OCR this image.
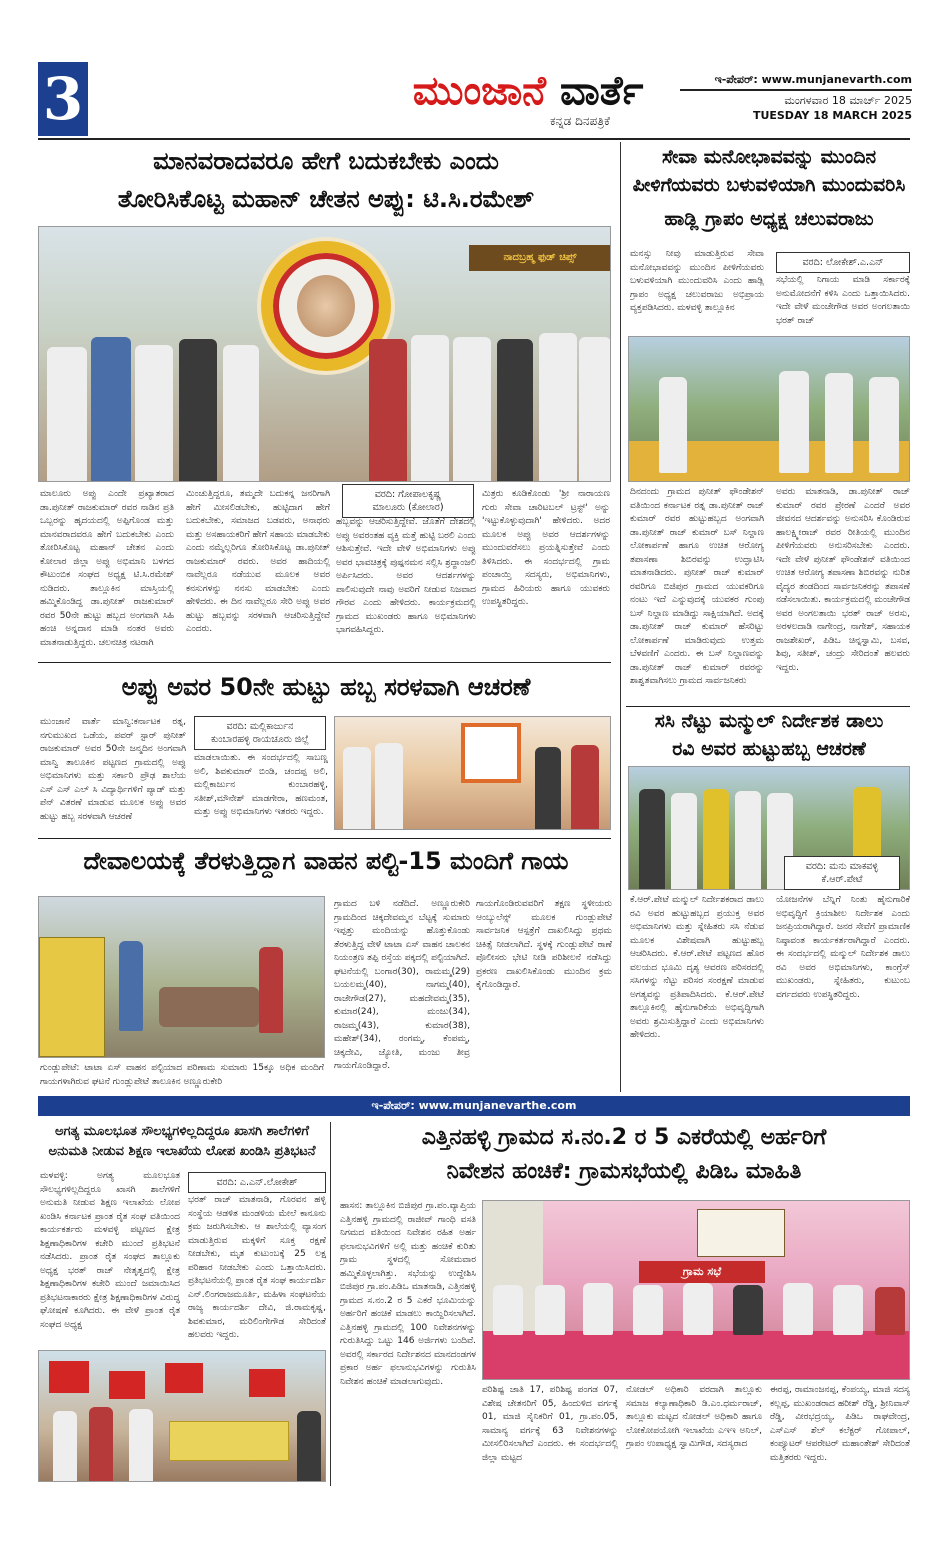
3	ಮುಂಜಾನೆ ವಾರ್ತೆ
ಕನ್ನಡ ದಿನಪತ್ರಿಕೆ
ಇ-ಪೇಪರ್: www.munjanevarth.com
ಮಂಗಳವಾರ 18 ಮಾರ್ಚ್ 2025
TUESDAY 18 MARCH 2025
ಮಾನವರಾದವರೂ ಹೇಗೆ ಬದುಕಬೇಕು ಎಂದು
ತೋರಿಸಿಕೊಟ್ಟ ಮಹಾನ್ ಚೇತನ ಅಪ್ಪು: ಟಿ.ಸಿ.ರಮೇಶ್
ನಾದಬ್ರಹ್ಮ ಫುಡ್ ಚಿಪ್ಸ್
ವರದಿ: ಗೋಪಾಲಕೃಷ್ಣ
ಮಾಲೂರು (ಕೋಲಾರ)
ಮಾಲೂರು ಅಪ್ಪು ಎಂದೇ ಪ್ರಖ್ಯಾತರಾದ ಡಾ.ಪುನೀತ್ ರಾಜಕುಮಾರ್ ರವರ ನಾಡಿನ ಪ್ರತಿ ಒಬ್ಬರನ್ನು ಹೃದಯದಲ್ಲಿ ಅಪ್ಪಿಗೊಂಡ ಮತ್ತು ಮಾನವರಾದವರೂ ಹೇಗೆ ಬದುಕಬೇಕು ಎಂದು ತೋರಿಸಿಕೊಟ್ಟ ಮಹಾನ್ ಚೇತನ ಎಂದು ಕೋಲಾರ ಜಿಲ್ಲಾ ಅಪ್ಪು ಅಭಿಮಾನಿ ಬಳಗದ ಕೌಟುಂಬಿಕ ಸಂಘದ ಅಧ್ಯಕ್ಷ ಟಿ.ಸಿ.ರಮೇಶ್ ನುಡಿದರು. ತಾಲ್ಲೂಕಿನ ಮಾಸ್ತಿಯಲ್ಲಿ ಹಮ್ಮಿಕೊಂಡಿದ್ದ ಡಾ.ಪುನೀತ್ ರಾಜಕುಮಾರ್ ರವರ 50ನೇ ಹುಟ್ಟು ಹಬ್ಬದ ಅಂಗವಾಗಿ ಸಿಹಿ ಹಂಚಿ ಅನ್ನದಾನ ಮಾಡಿ ನಂತರ ಅವರು ಮಾತನಾಡುತ್ತಿದ್ದರು. ಚಲನಚಿತ್ರ ನಟರಾಗಿ
ಮಿಂಚುತ್ತಿದ್ದರೂ, ತಮ್ಮದೇ ಬದುಕನ್ನ ಜನರಿಗಾಗಿ ಹೇಗೆ ಮೀಸಲಿಡಬೇಕು, ಹುಟ್ಟಿದಾಗ ಹೇಗೆ ಬದುಕಬೇಕು, ಸಮಾಜದ ಬಡವರು, ಅನಾಥರು ಮತ್ತು ಅಸಹಾಯಕರಿಗೆ ಹೇಗೆ ಸಹಾಯ ಮಾಡಬೇಕು ಎಂದು ನಮ್ಮೆಲ್ಲರಿಗೂ ತೋರಿಸಿಕೊಟ್ಟ ಡಾ.ಪುನೀತ್ ರಾಜಕುಮಾರ್ ರವರು. ಅವರ ಹಾದಿಯಲ್ಲಿ ನಾವೆಲ್ಲರೂ ನಡೆಯುವ ಮೂಲಕ ಅವರ ಕನಸುಗಳನ್ನು ನನಸು ಮಾಡಬೇಕು ಎಂದು ಹೇಳಿದರು. ಈ ದಿನ ನಾವೆಲ್ಲರೂ ಸೇರಿ ಅಪ್ಪು ಅವರ ಹುಟ್ಟು ಹಬ್ಬವನ್ನು ಸರಳವಾಗಿ ಆಚರಿಸುತ್ತಿದ್ದೇವೆ ಎಂದರು.
ಹಬ್ಬವನ್ನು ಆಚರಿಸುತ್ತಿದ್ದೇವೆ. ಜೊತೆಗೆ ದೇಶದಲ್ಲಿ ಅಪ್ಪು ಅವರಂತಹ ವ್ಯಕ್ತಿ ಮತ್ತೆ ಹುಟ್ಟಿ ಬರಲಿ ಎಂದು ಆಶಿಸುತ್ತೇವೆ. ಇದೇ ವೇಳೆ ಅಭಿಮಾನಿಗಳು ಅಪ್ಪು ಅವರ ಭಾವಚಿತ್ರಕ್ಕೆ ಪುಷ್ಪನಮನ ಸಲ್ಲಿಸಿ ಶ್ರದ್ಧಾಂಜಲಿ ಅರ್ಪಿಸಿದರು. ಅವರ ಆದರ್ಶಗಳನ್ನು ಪಾಲಿಸುವುದೇ ನಾವು ಅವರಿಗೆ ನೀಡುವ ನಿಜವಾದ ಗೌರವ ಎಂದು ಹೇಳಿದರು. ಕಾರ್ಯಕ್ರಮದಲ್ಲಿ ಗ್ರಾಮದ ಮುಖಂಡರು ಹಾಗೂ ಅಭಿಮಾನಿಗಳು ಭಾಗವಹಿಸಿದ್ದರು.
ಮಿತ್ರರು ಕೂಡಿಕೊಂಡು 'ಶ್ರೀ ನಾರಾಯಣ ಗುರು ಸೇವಾ ಚಾರಿಟಬಲ್ ಟ್ರಸ್ಟ್' ಅನ್ನು 'ಇಟ್ಟುಕೊಳ್ಳುವುದಾಗಿ' ಹೇಳಿದರು. ಅದರ ಮೂಲಕ ಅಪ್ಪು ಅವರ ಆದರ್ಶಗಳನ್ನು ಮುಂದುವರೆಸಲು ಪ್ರಯತ್ನಿಸುತ್ತೇವೆ ಎಂದು ತಿಳಿಸಿದರು. ಈ ಸಂದರ್ಭದಲ್ಲಿ ಗ್ರಾಮ ಪಂಚಾಯ್ತಿ ಸದಸ್ಯರು, ಅಭಿಮಾನಿಗಳು, ಗ್ರಾಮದ ಹಿರಿಯರು ಹಾಗೂ ಯುವಕರು ಉಪಸ್ಥಿತರಿದ್ದರು.
ಅಪ್ಪು ಅವರ 50ನೇ ಹುಟ್ಟು ಹಬ್ಬ ಸರಳವಾಗಿ ಆಚರಣೆ
ಮುಂಜಾನೆ ವಾರ್ತೆ ಮಾನ್ವಿ:ಕರ್ನಾಟಕ ರತ್ನ, ನಗುಮುಖದ ಒಡೆಯ, ಪವರ್ ಸ್ಟಾರ್ ಪುನೀತ್ ರಾಜಕುಮಾರ್ ಅವರ 50ನೇ ಜನ್ಮದಿನ ಅಂಗವಾಗಿ ಮಾನ್ವಿ ತಾಲೂಕಿನ ಪಟ್ಟಣದ ಗ್ರಾಮದಲ್ಲಿ ಅಪ್ಪು ಅಭಿಮಾನಿಗಳು ಮತ್ತು ಸರ್ಕಾರಿ ಪ್ರೌಢ ಶಾಲೆಯ ಎಸ್ ಎಸ್ ಎಲ್ ಸಿ ವಿದ್ಯಾರ್ಥಿಗಳಿಗೆ ಪ್ಯಾಡ್ ಮತ್ತು ಪೆನ್ ವಿತರಣೆ ಮಾಡುವ ಮೂಲಕ ಅಪ್ಪು ಅವರ ಹುಟ್ಟು ಹಬ್ಬ ಸರಳವಾಗಿ ಆಚರಣೆ
ವರದಿ: ಮಲ್ಲಿಕಾರ್ಜುನ
ಕುಂಬಾರಹಳ್ಳಿ ರಾಯಚೂರು ಜಿಲ್ಲೆ
ಮಾಡಲಾಯಿತು. ಈ ಸಂದರ್ಭದಲ್ಲಿ ಸಾಬಣ್ಣ ಅಲಿ, ಶಿವಕುಮಾರ್ ಬಿಂಡಿ, ಚಂದಪ್ಪ ಅಲಿ, ಮಲ್ಲಿಕಾರ್ಜುನ ಕುಂಬಾರಹಳ್ಳಿ, ಸತೀಶ್,ಮೌನೇಶ್ ಮಾಡಗೇರಾ, ಹಣಮಂತ, ಮತ್ತು ಅಪ್ಪು ಅಭಿಮಾನಿಗಳು ಇತರರು ಇದ್ದರು.
ದೇವಾಲಯಕ್ಕೆ ತೆರಳುತ್ತಿದ್ದಾಗ ವಾಹನ ಪಲ್ಟಿ-15 ಮಂದಿಗೆ ಗಾಯ
ಗುಂಡ್ಲುಪೇಟೆ: ಟಾಟಾ ಏಸ್ ವಾಹನ ಪಲ್ಟಿಯಾದ ಪರಿಣಾಮ ಸುಮಾರು 15ಕ್ಕೂ ಅಧಿಕ ಮಂದಿಗೆ ಗಾಯಗಳಾಗಿರುವ ಘಟನೆ ಗುಂಡ್ಲುಪೇಟೆ ತಾಲೂಕಿನ ಅಣ್ಣೂರುಕೇರಿ
ಗ್ರಾಮದ ಬಳಿ ನಡೆದಿದೆ. ಅಣ್ಣೂರುಕೇರಿ ಗ್ರಾಮದಿಂದ ಚಿಕ್ಕದೇವಮ್ಮನ ಬೆಟ್ಟಕ್ಕೆ ಸುಮಾರು ಇಪ್ಪತ್ತು ಮಂದಿಯನ್ನು ಹೊತ್ತುಕೊಂಡು ತೆರಳುತ್ತಿದ್ದ ವೇಳೆ ಟಾಟಾ ಏಸ್ ವಾಹನ ಚಾಲಕನ ನಿಯಂತ್ರಣ ತಪ್ಪಿ ರಸ್ತೆಯ ಪಕ್ಕದಲ್ಲಿ ಪಲ್ಟಿಯಾಗಿದೆ. ಘಟನೆಯಲ್ಲಿ ಬಂಗಾರ(30), ರಾಮಮ್ಮ(29) ಬಯಲಮ್ಮ(40), ನಾಗಮ್ಮ(40), ರಾಜೇಗೌಡ(27), ಮಹದೇವಮ್ಮ(35), ಕುಮಾರ(24), ಮಂಜು(34), ರಾಜಮ್ಮ(43), ಕುಮಾರ(38), ಮಹೇಶ್(34), ರಂಗಮ್ಮ, ಕೆಂಪಮ್ಮ, ಚಿಕ್ಕದೇವಿ, ಜ್ಯೋತಿ, ಮಂಜು ತೀವ್ರ ಗಾಯಗೊಂಡಿದ್ದಾರೆ.
ಗಾಯಗೊಂಡಿರುವವರಿಗೆ ತಕ್ಷಣ ಸ್ಥಳೀಯರು ಆಂಬ್ಯುಲೆನ್ಸ್ ಮೂಲಕ ಗುಂಡ್ಲುಪೇಟೆ ಸಾರ್ವಜನಿಕ ಆಸ್ಪತ್ರೆಗೆ ದಾಖಲಿಸಿದ್ದು ಪ್ರಥಮ ಚಿಕಿತ್ಸೆ ನೀಡಲಾಗಿದೆ. ಸ್ಥಳಕ್ಕೆ ಗುಂಡ್ಲುಪೇಟೆ ಠಾಣೆ ಪೊಲೀಸರು ಭೇಟಿ ನೀಡಿ ಪರಿಶೀಲನೆ ನಡೆಸಿದ್ದು ಪ್ರಕರಣ ದಾಖಲಿಸಿಕೊಂಡು ಮುಂದಿನ ಕ್ರಮ ಕೈಗೊಂಡಿದ್ದಾರೆ.
ಸೇವಾ ಮನೋಭಾವವನ್ನು ಮುಂದಿನ
ಪೀಳಿಗೆಯವರು ಬಳುವಳಿಯಾಗಿ ಮುಂದುವರಿಸಿ
ಹಾಡ್ಲಿ ಗ್ರಾಪಂ ಅಧ್ಯಕ್ಷ ಚಲುವರಾಜು
ಮನಸ್ಸು ನೀವು ಮಾಡುತ್ತಿರುವ ಸೇವಾ ಮನೋಭಾವವನ್ನು ಮುಂದಿನ ಪೀಳಿಗೆಯವರು ಬಳುವಳಿಯಾಗಿ ಮುಂದುವರಿಸಿ ಎಂದು ಹಾಡ್ಲಿ ಗ್ರಾಪಂ ಅಧ್ಯಕ್ಷ ಚಲುವರಾಜು ಅಭಿಪ್ರಾಯ ವ್ಯಕ್ತಪಡಿಸಿದರು. ಮಳವಳ್ಳಿ ತಾಲ್ಲೂಕಿನ
ವರದಿ: ಲೋಕೇಶ್.ಎ.ಎನ್
ಸಭೆಯಲ್ಲಿ ನಿಗಾಯ ಮಾಡಿ ಸರ್ಕಾರಕ್ಕೆ ಅನುಮೋದನೆಗೆ ಕಳಿಸಿ ಎಂದು ಒತ್ತಾಯಿಸಿದರು. ಇದೇ ವೇಳೆ ಮಂಚೇಗೌಡ ಅವರ ಅಂಗಲತಾಯಿ ಭರತ್ ರಾಜ್
ದಿನದಂದು ಗ್ರಾಮದ ಪುನೀತ್ ಫೌಂಡೇಶನ್ ವತಿಯಿಂದ ಕರ್ನಾಟಕ ರತ್ನ ಡಾ.ಪುನೀತ್ ರಾಜ್ ಕುಮಾರ್ ರವರ ಹುಟ್ಟುಹಬ್ಬದ ಅಂಗವಾಗಿ ಡಾ.ಪುನೀತ್ ರಾಜ್ ಕುಮಾರ್ ಬಸ್ ನಿಲ್ದಾಣ ಲೋಕಾರ್ಪಣೆ ಹಾಗೂ ಉಚಿತ ಆರೋಗ್ಯ ತಪಾಸಣಾ ಶಿಬಿರವನ್ನು ಉದ್ಘಾಟಿಸಿ ಮಾತನಾಡಿದರು. ಪುನೀತ್ ರಾಜ್ ಕುಮಾರ್ ರವರಿಗೂ ಬಿಜಿಪುರ ಗ್ರಾಮದ ಯುವಕರಿಗೂ ನಂಟು ಇದೆ ಎನ್ನುವುದಕ್ಕೆ ಯುವಕರ ಗುಂಪು ಬಸ್ ನಿಲ್ದಾಣ ಮಾಡಿದ್ದು ಸಾಕ್ಷಿಯಾಗಿದೆ. ಅದಕ್ಕೆ ಡಾ.ಪುನೀತ್ ರಾಜ್ ಕುಮಾರ್ ಹೆಸರಿಟ್ಟು ಲೋಕಾರ್ಪಣೆ ಮಾಡಿರುವುದು ಉತ್ತಮ ಬೆಳವಣಿಗೆ ಎಂದರು. ಈ ಬಸ್ ನಿಲ್ದಾಣವನ್ನು ಡಾ.ಪುನೀತ್ ರಾಜ್ ಕುಮಾರ್ ರವರನ್ನು ಶಾಶ್ವತವಾಗಿಸಲು ಗ್ರಾಮದ ಸಾರ್ವಜನಿಕರು
ಅವರು ಮಾತನಾಡಿ, ಡಾ.ಪುನೀತ್ ರಾಜ್ ಕುಮಾರ್ ರವರ ಪ್ರೇರಣೆ ಎಂದರೆ ಅವರ ಜೀವನದ ಆದರ್ಶವನ್ನು ಅನುಸರಿಸಿ ಕೊಂಡಿರುವ ಹಾಲಕ್ಷ್ಮೀರಾಜ್ ರವರ ರೀತಿಯಲ್ಲಿ ಮುಂದಿನ ಪೀಳಿಗೆಯವರು ಅನುಸರಿಸಬೇಕು ಎಂದರು. ಇದೇ ವೇಳೆ ಪುನೀತ್ ಫೌಂಡೇಶನ್ ವತಿಯಿಂದ ಉಚಿತ ಆರೋಗ್ಯ ತಪಾಸಣಾ ಶಿಬಿರವನ್ನು ನುರಿತ ವೈದ್ಯರ ತಂಡದಿಂದ ಸಾರ್ವಜನಿಕರನ್ನು ತಪಾಸಣೆ ನಡೆಸಲಾಯಿತು. ಕಾರ್ಯಕ್ರಮದಲ್ಲಿ ಮಂಚೇಗೌಡ ಅವರ ಅಂಗಲತಾಯಿ ಭರತ್ ರಾಜ್ ಅರಸು, ಅರಳಲದಾಡಿ ನಾಗೇಂದ್ರ, ನಾಗೇಶ್, ಸಹಾಯಕ ರಾಜಶೇಖರ್, ಪಿಡಿಒ ಚಿನ್ನಸ್ವಾಮಿ, ಬಸವ, ಶಿವು, ಸತೀಶ್, ಚಂದ್ರು ಸೇರಿದಂತೆ ಹಲವರು ಇದ್ದರು.
ಸಸಿ ನೆಟ್ಟು ಮನ್ಮುಲ್ ನಿರ್ದೇಶಕ ಡಾಲು
ರವಿ ಅವರ ಹುಟ್ಟುಹಬ್ಬ ಆಚರಣೆ
ವರದಿ: ಮನು ಮಾಕವಳ್ಳಿ
ಕೆ.ಆರ್.ಪೇಟೆ
ಕೆ.ಆರ್.ಪೇಟೆ ಮನ್ಮುಲ್ ನಿರ್ದೇಶಕರಾದ ಡಾಲು ರವಿ ಅವರ ಹುಟ್ಟುಹಬ್ಬದ ಪ್ರಯುಕ್ತ ಅವರ ಅಭಿಮಾನಿಗಳು ಮತ್ತು ಸ್ನೇಹಿತರು ಸಸಿ ನೆಡುವ ಮೂಲಕ ವಿಶೇಷವಾಗಿ ಹುಟ್ಟುಹಬ್ಬ ಆಚರಿಸಿದರು. ಕೆ.ಆರ್.ಪೇಟೆ ಪಟ್ಟಣದ ಹೊರ ವಲಯದ ಭೂಮಿ ದೃಶ್ಯ ಆವರಣ ಪರಿಸರದಲ್ಲಿ ಸಸಿಗಳನ್ನು ನೆಟ್ಟು ಪರಿಸರ ಸಂರಕ್ಷಣೆ ಮಾಡುವ ಅಗತ್ಯವನ್ನು ಪ್ರತಿಪಾದಿಸಿದರು. ಕೆ.ಆರ್.ಪೇಟೆ ತಾಲ್ಲೂಕಿನಲ್ಲಿ ಹೈನುಗಾರಿಕೆಯ ಅಭಿವೃದ್ಧಿಗಾಗಿ ಅವರು ಶ್ರಮಿಸುತ್ತಿದ್ದಾರೆ ಎಂದು ಅಭಿಮಾನಿಗಳು ಹೇಳಿದರು.
ಯೋಜನೆಗಳ ಬೆನ್ನಿಗೆ ನಿಂತು ಹೈನುಗಾರಿಕೆ ಅಭಿವೃದ್ಧಿಗೆ ಕ್ರಿಯಾಶೀಲ ನಿರ್ದೇಶಕ ಎಂದು ಜನಪ್ರಿಯರಾಗಿದ್ದಾರೆ. ಜನರ ಸೇವೆಗೆ ಪ್ರಾಮಾಣಿಕ ನಿಷ್ಠಾವಂತ ಕಾರ್ಯಕರ್ತರಾಗಿದ್ದಾರೆ ಎಂದರು. ಈ ಸಂದರ್ಭದಲ್ಲಿ ಮನ್ಮುಲ್ ನಿರ್ದೇಶಕ ಡಾಲು ರವಿ ಅವರ ಅಭಿಮಾನಿಗಳು, ಕಾಂಗ್ರೆಸ್ ಮುಖಂಡರು, ಸ್ನೇಹಿತರು, ಕುಟುಂಬ ವರ್ಗದವರು ಉಪಸ್ಥಿತರಿದ್ದರು.
ಇ-ಪೇಪರ್: www.munjanevarthe.com
ಅಗತ್ಯ ಮೂಲಭೂತ ಸೌಲಭ್ಯಗಳಿಲ್ಲದಿದ್ದರೂ ಖಾಸಗಿ ಶಾಲೆಗಳಿಗೆ
ಅನುಮತಿ ನೀಡುವ ಶಿಕ್ಷಣ ಇಲಾಖೆಯ ಲೋಪ ಖಂಡಿಸಿ ಪ್ರತಿಭಟನೆ
ಮಳವಳ್ಳಿ: ಅಗತ್ಯ ಮೂಲಭೂತ ಸೌಲಭ್ಯಗಳಿಲ್ಲದಿದ್ದರೂ ಖಾಸಗಿ ಶಾಲೆಗಳಿಗೆ ಅನುಮತಿ ನೀಡುವ ಶಿಕ್ಷಣ ಇಲಾಖೆಯ ಲೋಪ ಖಂಡಿಸಿ ಕರ್ನಾಟಕ ಪ್ರಾಂತ ರೈತ ಸಂಘ ವತಿಯಿಂದ ಕಾರ್ಯಕರ್ತರು ಮಳವಳ್ಳಿ ಪಟ್ಟಣದ ಕ್ಷೇತ್ರ ಶಿಕ್ಷಣಾಧಿಕಾರಿಗಳ ಕಚೇರಿ ಮುಂದೆ ಪ್ರತಿಭಟನೆ ನಡೆಸಿದರು. ಪ್ರಾಂತ ರೈತ ಸಂಘದ ತಾಲ್ಲೂಕು ಅಧ್ಯಕ್ಷ ಭರತ್ ರಾಜ್ ನೇತೃತ್ವದಲ್ಲಿ ಕ್ಷೇತ್ರ ಶಿಕ್ಷಣಾಧಿಕಾರಿಗಳ ಕಚೇರಿ ಮುಂದೆ ಜಮಾಯಿಸಿದ ಪ್ರತಿಭಟನಾಕಾರರು ಕ್ಷೇತ್ರ ಶಿಕ್ಷಣಾಧಿಕಾರಿಗಳ ವಿರುದ್ಧ ಘೋಷಣೆ ಕೂಗಿದರು. ಈ ವೇಳೆ ಪ್ರಾಂತ ರೈತ ಸಂಘದ ಅಧ್ಯಕ್ಷ
ವರದಿ: ಎ.ಎನ್.ಲೋಕೇಶ್
ಭರತ್ ರಾಜ್ ಮಾತನಾಡಿ, ಗೊರವನ ಹಳ್ಳಿ ಸಂಸ್ಥೆಯ ಆಡಳಿತ ಮಂಡಳಿಯ ಮೇಲೆ ಕಾನೂನು ಕ್ರಮ ಜರುಗಿಸಬೇಕು. ಆ ಶಾಲೆಯಲ್ಲಿ ವ್ಯಾಸಂಗ ಮಾಡುತ್ತಿರುವ ಮಕ್ಕಳಿಗೆ ಸೂಕ್ತ ರಕ್ಷಣೆ ನೀಡಬೇಕು, ಮೃತ ಕುಟುಂಬಕ್ಕೆ 25 ಲಕ್ಷ ಪರಿಹಾರ ನೀಡಬೇಕು ಎಂದು ಒತ್ತಾಯಿಸಿದರು. ಪ್ರತಿಭಟನೆಯಲ್ಲಿ ಪ್ರಾಂತ ರೈತ ಸಂಘ ಕಾರ್ಯದರ್ಶಿ ಎನ್.ಲಿಂಗರಾಜಮೂರ್ತಿ, ಮಹಿಳಾ ಸಂಘಟನೆಯ ರಾಜ್ಯ ಕಾರ್ಯದರ್ಶಿ ದೇವಿ, ಜಿ.ರಾಮಕೃಷ್ಣ, ಶಿವಕುಮಾರ, ಮರಿಲಿಂಗೇಗೌಡ ಸೇರಿದಂತೆ ಹಲವರು ಇದ್ದರು.
ಎತ್ತಿನಹಳ್ಳಿ ಗ್ರಾಮದ ಸ.ನಂ.2 ರ 5 ಎಕರೆಯಲ್ಲಿ ಅರ್ಹರಿಗೆ
ನಿವೇಶನ ಹಂಚಿಕೆ: ಗ್ರಾಮಸಭೆಯಲ್ಲಿ ಪಿಡಿಒ ಮಾಹಿತಿ
ಹಾಸನ: ತಾಲ್ಲೂಕಿನ ಬಿಜಿಪುರ ಗ್ರಾ.ಪಂ.ವ್ಯಾಪ್ತಿಯ ಎತ್ತಿನಹಳ್ಳಿ ಗ್ರಾಮದಲ್ಲಿ ರಾಜೀವ್ ಗಾಂಧಿ ವಸತಿ ನಿಗಮದ ವತಿಯಿಂದ ನಿವೇಶನ ರಹಿತ ಅರ್ಹ ಫಲಾನುಭವಿಗಳಿಗೆ ಅಲ್ಲಿ ಮತ್ತು ಹಂಚಿಕೆ ಕುರಿತು ಗ್ರಾಮ ಸ್ಥಳದಲ್ಲಿ ಸೋಮವಾರ ಹಮ್ಮಿಕೊಳ್ಳಲಾಗಿತ್ತು. ಸಭೆಯನ್ನು ಉದ್ದೇಶಿಸಿ ಬಿಜಿಪುರ ಗ್ರಾ.ಪಂ.ಪಿಡಿಒ ಮಾತನಾಡಿ, ಎತ್ತಿನಹಳ್ಳಿ ಗ್ರಾಮದ ಸ.ನಂ.2 ರ 5 ಎಕರೆ ಭೂಮಿಯನ್ನು ಅರ್ಹರಿಗೆ ಹಂಚಿಕೆ ಮಾಡಲು ಕಾಯ್ದಿರಿಸಲಾಗಿದೆ. ಎತ್ತಿನಹಳ್ಳಿ ಗ್ರಾಮದಲ್ಲಿ 100 ನಿವೇಶನಗಳನ್ನು ಗುರುತಿಸಿದ್ದು ಒಟ್ಟು 146 ಅರ್ಜಿಗಳು ಬಂದಿವೆ. ಅವರಲ್ಲಿ ಸರ್ಕಾರದ ನಿರ್ದೇಶನದ ಮಾನದಂಡಗಳ ಪ್ರಕಾರ ಅರ್ಹ ಫಲಾನುಭವಿಗಳನ್ನು ಗುರುತಿಸಿ ನಿವೇಶನ ಹಂಚಿಕೆ ಮಾಡಲಾಗುವುದು.
ಗ್ರಾಮ ಸಭೆ
ಪರಿಶಿಷ್ಟ ಜಾತಿ 17, ಪರಿಶಿಷ್ಟ ಪಂಗಡ 07, ವಿಶೇಷ ಚೇತನರಿಗೆ 05, ಹಿಂದುಳಿದ ವರ್ಗಕ್ಕೆ 01, ಮಾಜಿ ಸೈನಿಕರಿಗೆ 01, ಗ್ರಾ.ಪಂ.05, ಸಾಮಾನ್ಯ ವರ್ಗಕ್ಕೆ 63 ನಿವೇಶನಗಳನ್ನು ಮೀಸಲಿರಿಸಲಾಗಿದೆ ಎಂದರು. ಈ ಸಂದರ್ಭದಲ್ಲಿ ಜಿಲ್ಲಾ ಮಟ್ಟದ
ನೋಡಲ್ ಅಧಿಕಾರಿ ವರದಾಗಿ ತಾಲ್ಲೂಕು ಸಮಾಜ ಕಲ್ಯಾಣಾಧಿಕಾರಿ ಡಿ.ಎಂ.ಧರ್ಮರಾಜ್, ತಾಲ್ಲೂಕು ಮಟ್ಟದ ನೋಡಲ್ ಅಧಿಕಾರಿ ಹಾಗೂ ಲೋಕೋಪಯೋಗಿ ಇಲಾಖೆಯ ಎಇಇ ಅನಿಲ್, ಗ್ರಾಪಂ ಉಪಾಧ್ಯಕ್ಷ ಸ್ವಾಮಿಗೌಡ, ಸದಸ್ಯರಾದ
ಈರಪ್ಪ, ರಾಮಾಂಜನಪ್ಪ, ಕೆಂಪಯ್ಯ, ಮಾಜಿ ಸದಸ್ಯ ಕಲ್ಲಪ್ಪ, ಮುಖಂಡರಾದ ಹರೀಶ್ ರೆಡ್ಡಿ, ಶ್ರೀನಿವಾಸ್ ರೆಡ್ಡಿ, ವೀರಭದ್ರಯ್ಯ, ಪಿಡಿಒ ರಾಘವೇಂದ್ರ, ಎಸ್ಎಸ್ ಶೆಲ್ ಕಲೆಕ್ಟರ್ ಗೋಪಾಲ್, ಕಂಪ್ಯೂಟರ್ ಆಪರೇಟರ್ ಮಹಾಂತೇಶ್ ಸೇರಿದಂತೆ ಮತ್ತಿತರರು ಇದ್ದರು.
